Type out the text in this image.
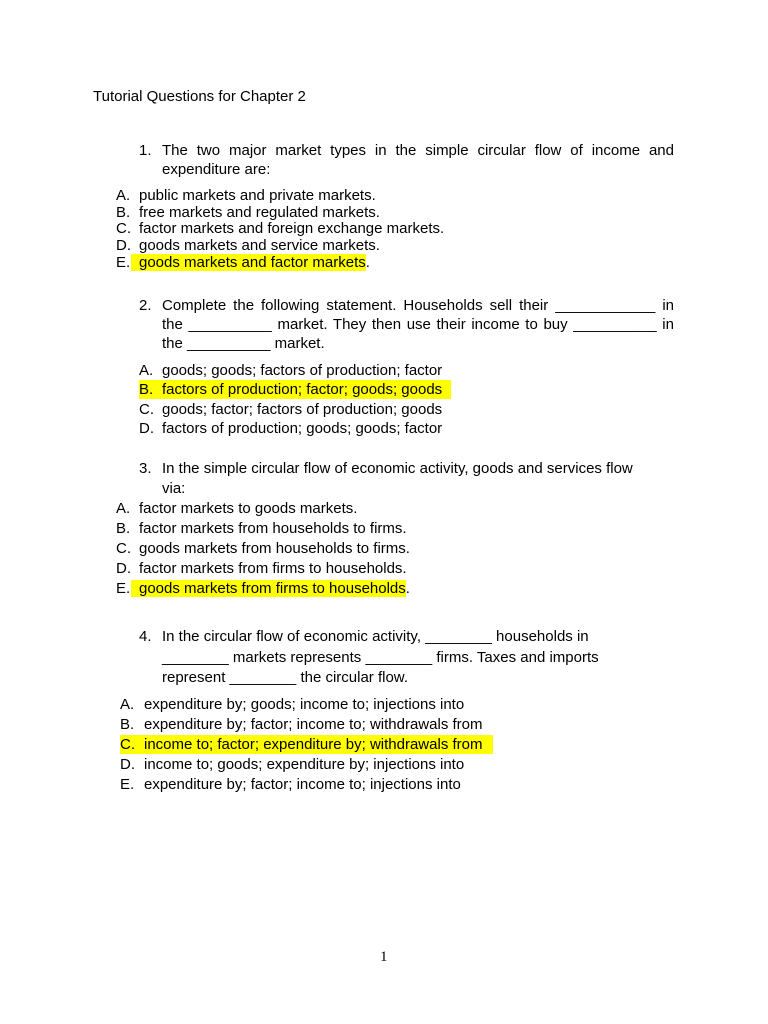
Tutorial Questions for Chapter 2
1. The two major market types in the simple circular flow of income and
expenditure are:
A. public markets and private markets.
B. free markets and regulated markets.
C. factor markets and foreign exchange markets.
D. goods markets and service markets.
E. goods markets and factor markets.
2. Complete the following statement. Households sell their ____________ in
the __________ market. They then use their income to buy __________ in
the __________ market.
A. goods; goods; factors of production; factor
B. factors of production; factor; goods; goods
C. goods; factor; factors of production; goods
D. factors of production; goods; goods; factor
3. In the simple circular flow of economic activity, goods and services flow
via:
A. factor markets to goods markets.
B. factor markets from households to firms.
C. goods markets from households to firms.
D. factor markets from firms to households.
E. goods markets from firms to households.
4. In the circular flow of economic activity, ________ households in
________ markets represents ________ firms. Taxes and imports
represent ________ the circular flow.
A. expenditure by; goods; income to; injections into
B. expenditure by; factor; income to; withdrawals from
C. income to; factor; expenditure by; withdrawals from
D. income to; goods; expenditure by; injections into
E. expenditure by; factor; income to; injections into
1
